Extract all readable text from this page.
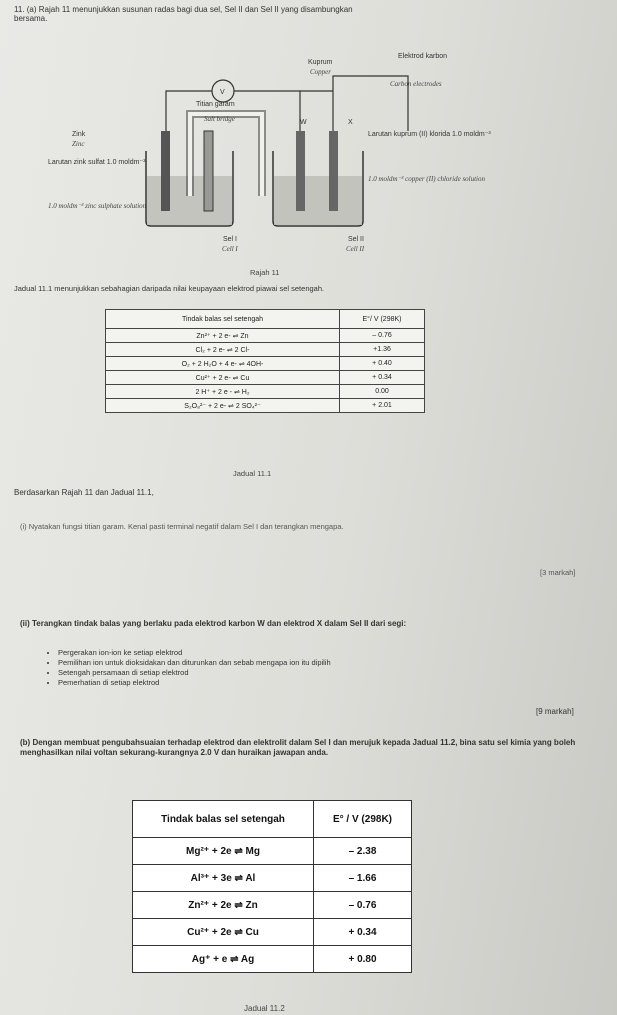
11. (a) Rajah 11 menunjukkan susunan radas bagi dua sel, Sel II dan Sel II yang disambungkan bersama.
V
Kuprum
Copper
Elektrod karbon
Carbon electrodes
Titian garam
Salt bridge	W	X
Zink
Zinc
Larutan zink sulfat 1.0 moldm⁻³
1.0 moldm⁻³ zinc sulphate solution
Larutan kuprum (II) klorida 1.0 moldm⁻³
1.0 moldm⁻³ copper (II) chloride solution
Sel I
Cell I
Sel II
Cell II
Rajah 11
Jadual 11.1 menunjukkan sebahagian daripada nilai keupayaan elektrod piawai sel setengah.
Tindak balas sel setengah	E°/ V (298K)
Zn²⁺ + 2 e- ⇌ Zn	– 0.76
Cl₂ + 2 e- ⇌ 2 Cl-	+1.36
O₂ + 2 H₂O + 4 e- ⇌ 4OH-	+ 0.40
Cu²⁺ + 2 e- ⇌ Cu	+ 0.34
2 H⁺ + 2 e - ⇌ H₂	0.00
S₂O₈²⁻ + 2 e- ⇌ 2 SO₄²⁻	+ 2.01
Jadual 11.1
Berdasarkan Rajah 11 dan Jadual 11.1,
(i) Nyatakan fungsi titian garam. Kenal pasti terminal negatif dalam Sel I dan terangkan mengapa.
[3 markah]
(ii) Terangkan tindak balas yang berlaku pada elektrod karbon W dan elektrod X dalam Sel II dari segi:
• Pergerakan ion-ion ke setiap elektrod
• Pemilihan ion untuk dioksidakan dan diturunkan dan sebab mengapa ion itu dipilih
• Setengah persamaan di setiap elektrod
• Pemerhatian di setiap elektrod
[9 markah]
(b) Dengan membuat pengubahsuaian terhadap elektrod dan elektrolit dalam Sel I dan merujuk kepada Jadual 11.2, bina satu sel kimia yang boleh menghasilkan nilai voltan sekurang-kurangnya 2.0 V dan huraikan jawapan anda.
Tindak balas sel setengah	E° / V (298K)
Mg²⁺ + 2e ⇌ Mg	– 2.38
Al³⁺ + 3e ⇌ Al	– 1.66
Zn²⁺ + 2e ⇌ Zn	– 0.76
Cu²⁺ + 2e ⇌ Cu	+ 0.34
Ag⁺ + e ⇌ Ag	+ 0.80
Jadual 11.2
